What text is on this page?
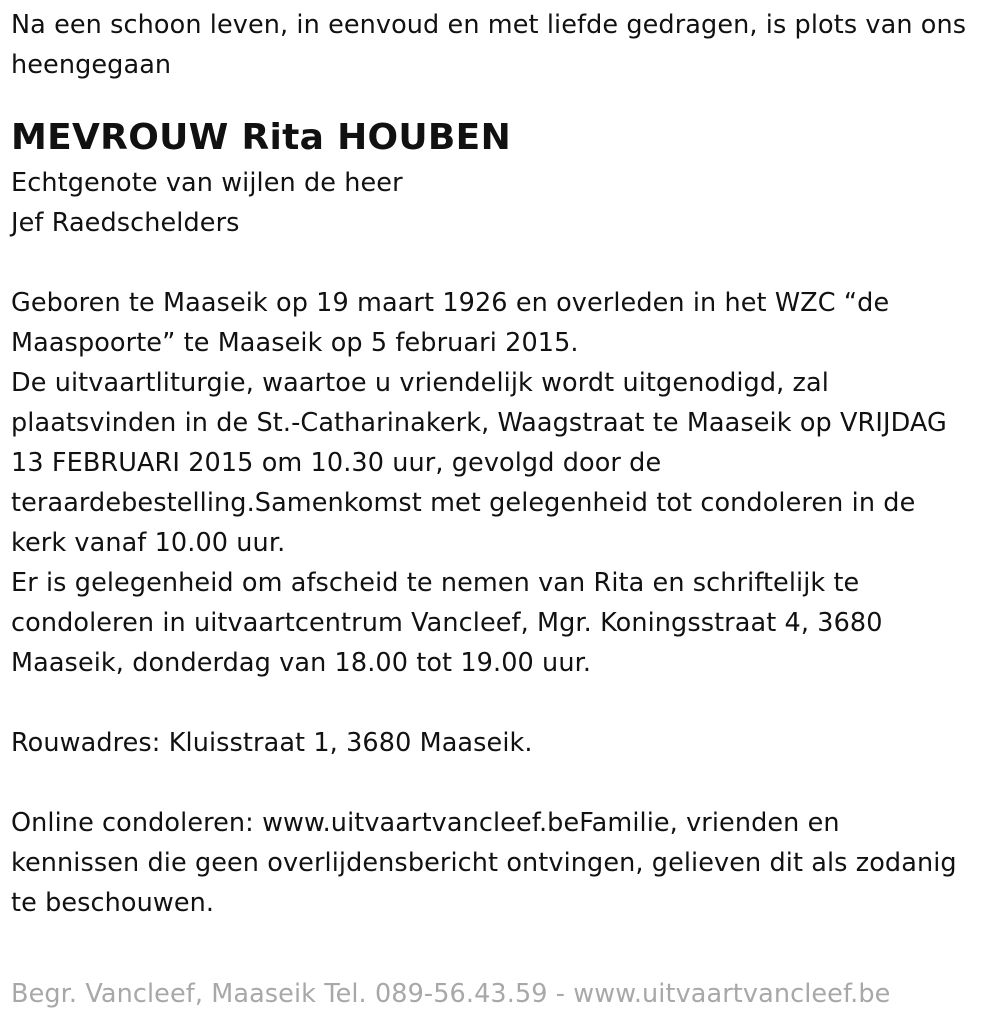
Na een schoon leven, in eenvoud en met liefde gedragen, is plots van ons
heengegaan
MEVROUW Rita HOUBEN
Echtgenote van wijlen de heer
Jef Raedschelders
Geboren te Maaseik op 19 maart 1926 en overleden in het WZC “de
Maaspoorte” te Maaseik op 5 februari 2015.
De uitvaartliturgie, waartoe u vriendelijk wordt uitgenodigd, zal
plaatsvinden in de St.-Catharinakerk, Waagstraat te Maaseik op VRIJDAG
13 FEBRUARI 2015 om 10.30 uur, gevolgd door de
teraardebestelling.Samenkomst met gelegenheid tot condoleren in de
kerk vanaf 10.00 uur.
Er is gelegenheid om afscheid te nemen van Rita en schriftelijk te
condoleren in uitvaartcentrum Vancleef, Mgr. Koningsstraat 4, 3680
Maaseik, donderdag van 18.00 tot 19.00 uur.
Rouwadres: Kluisstraat 1, 3680 Maaseik.
Online condoleren: www.uitvaartvancleef.beFamilie, vrienden en
kennissen die geen overlijdensbericht ontvingen, gelieven dit als zodanig
te beschouwen.
Begr. Vancleef, Maaseik Tel. 089-56.43.59 - www.uitvaartvancleef.be
